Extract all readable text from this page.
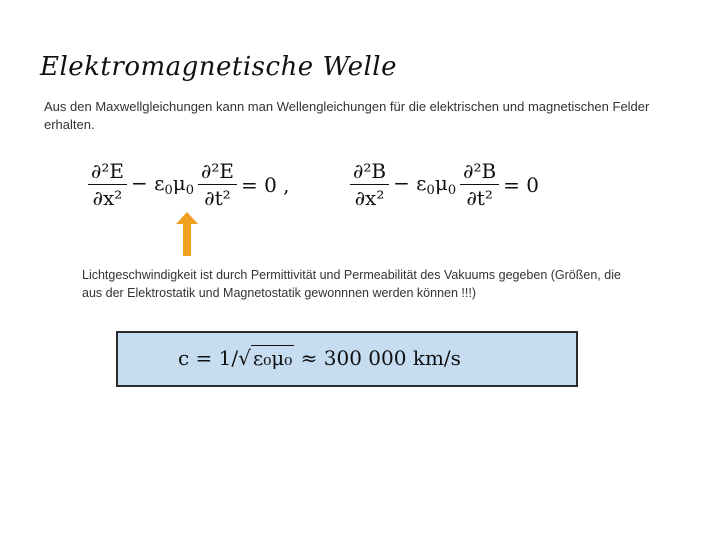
Elektromagnetische Welle
Aus den Maxwellgleichungen kann man Wellengleichungen für die elektrischen und magnetischen Felder erhalten.
$\frac{\text{∂²E}}{\text{∂x²}} - \varepsilon_0\mu_0 \frac{\text{∂²E}}{\text{∂t²}} = 0$ ,	$\frac{\text{∂²B}}{\text{∂x²}} - \varepsilon_0\mu_0 \frac{\text{∂²B}}{\text{∂t²}} = 0$
Lichtgeschwindigkeit ist durch Permittivität und Permeabilität des Vakuums gegeben (Größen, die aus der Elektrostatik und Magnetostatik gewonnnen werden können !!!)
c = 1/√ ε₀μ₀ ≈ 300 000 km/s
